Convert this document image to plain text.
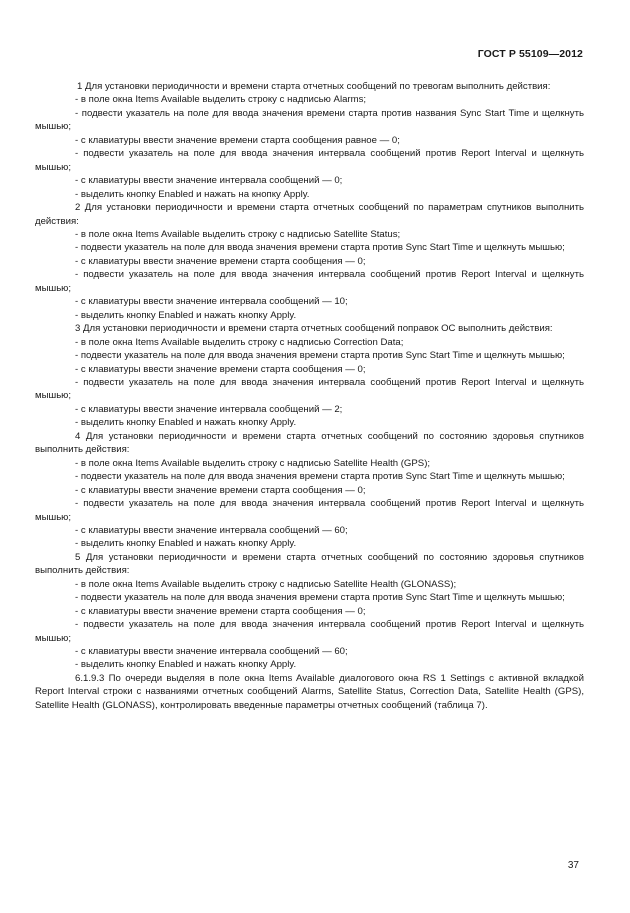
ГОСТ Р 55109—2012

1 Для установки периодичности и времени старта отчетных сообщений по тревогам выполнить действия:

- в поле окна Items Available выделить строку с надписью Alarms;

- подвести указатель на поле для ввода значения времени старта против названия Sync Start Time и щелкнуть мышью;

- с клавиатуры ввести значение времени старта сообщения равное — 0;

- подвести указатель на поле для ввода значения интервала сообщений против Report Interval и щелкнуть мышью;

- с клавиатуры ввести значение интервала сообщений — 0;

- выделить кнопку Enabled и нажать на кнопку Apply.

2 Для установки периодичности и времени старта отчетных сообщений по параметрам спутников выполнить действия:

- в поле окна Items Available выделить строку с надписью Satellite Status;

- подвести указатель на поле для ввода значения времени старта против Sync Start Time и щелкнуть мышью;

- с клавиатуры ввести значение времени старта сообщения — 0;

- подвести указатель на поле для ввода значения интервала сообщений против Report Interval и щелкнуть мышью;

- с клавиатуры ввести значение интервала сообщений — 10;

- выделить кнопку Enabled и нажать кнопку Apply.

3 Для установки периодичности и времени старта отчетных сообщений поправок ОС выполнить действия:

- в поле окна Items Available выделить строку с надписью Correction Data;

- подвести указатель на поле для ввода значения времени старта против Sync Start Time и щелкнуть мышью;

- с клавиатуры ввести значение времени старта сообщения — 0;

- подвести указатель на поле для ввода значения интервала сообщений против Report Interval и щелкнуть мышью;

- с клавиатуры ввести значение интервала сообщений — 2;

- выделить кнопку Enabled и нажать кнопку Apply.

4 Для установки периодичности и времени старта отчетных сообщений по состоянию здоровья спутников выполнить действия:

- в поле окна Items Available выделить строку с надписью Satellite Health (GPS);

- подвести указатель на поле для ввода значения времени старта против Sync Start Time и щелкнуть мышью;

- с клавиатуры ввести значение времени старта сообщения — 0;

- подвести указатель на поле для ввода значения интервала сообщений против Report Interval и щелкнуть мышью;

- с клавиатуры ввести значение интервала сообщений — 60;

- выделить кнопку Enabled и нажать кнопку Apply.

5 Для установки периодичности и времени старта отчетных сообщений по состоянию здоровья спутников выполнить действия:

- в поле окна Items Available выделить строку с надписью Satellite Health (GLONASS);

- подвести указатель на поле для ввода значения времени старта против Sync Start Time и щелкнуть мышью;

- с клавиатуры ввести значение времени старта сообщения — 0;

- подвести указатель на поле для ввода значения интервала сообщений против Report Interval и щелкнуть мышью;

- с клавиатуры ввести значение интервала сообщений — 60;

- выделить кнопку Enabled и нажать кнопку Apply.

6.1.9.3 По очереди выделяя в поле окна Items Available диалогового окна RS 1 Settings с активной вкладкой Report Interval строки с названиями отчетных сообщений Alarms, Satellite Status, Correction Data, Satellite Health (GPS), Satellite Health (GLONASS), контролировать введенные параметры отчетных сообщений (таблица 7).

37
